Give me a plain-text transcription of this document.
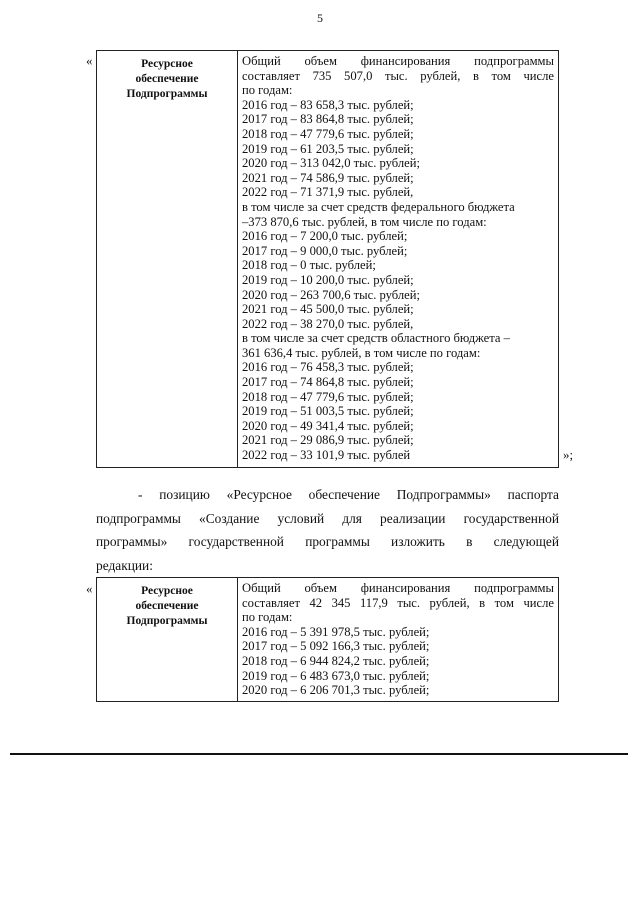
5
«	Ресурсное
обеспечение
Подпрограммы
Общий объем финансирования подпрограммы
составляет 735 507,0 тыс. рублей, в том числе
по годам:
2016 год – 83 658,3 тыс. рублей;
2017 год – 83 864,8 тыс. рублей;
2018 год – 47 779,6 тыс. рублей;
2019 год – 61 203,5 тыс. рублей;
2020 год – 313 042,0 тыс. рублей;
2021 год – 74 586,9 тыс. рублей;
2022 год – 71 371,9 тыс. рублей,
в том числе за счет средств федерального бюджета
–373 870,6 тыс. рублей, в том числе по годам:
2016 год – 7 200,0 тыс. рублей;
2017 год – 9 000,0 тыс. рублей;
2018 год – 0 тыс. рублей;
2019 год – 10 200,0 тыс. рублей;
2020 год – 263 700,6 тыс. рублей;
2021 год – 45 500,0 тыс. рублей;
2022 год – 38 270,0 тыс. рублей,
в том числе за счет средств областного бюджета –
361 636,4 тыс. рублей, в том числе по годам:
2016 год – 76 458,3 тыс. рублей;
2017 год – 74 864,8 тыс. рублей;
2018 год – 47 779,6 тыс. рублей;
2019 год – 51 003,5 тыс. рублей;
2020 год – 49 341,4 тыс. рублей;
2021 год – 29 086,9 тыс. рублей;
2022 год – 33 101,9 тыс. рублей	»;
- позицию «Ресурсное обеспечение Подпрограммы» паспорта
подпрограммы «Создание условий для реализации государственной
программы» государственной программы изложить в следующей
редакции:
«	Ресурсное
обеспечение
Подпрограммы
Общий объем финансирования подпрограммы
составляет 42 345 117,9 тыс. рублей, в том числе
по годам:
2016 год – 5 391 978,5 тыс. рублей;
2017 год – 5 092 166,3 тыс. рублей;
2018 год – 6 944 824,2 тыс. рублей;
2019 год – 6 483 673,0 тыс. рублей;
2020 год – 6 206 701,3 тыс. рублей;
